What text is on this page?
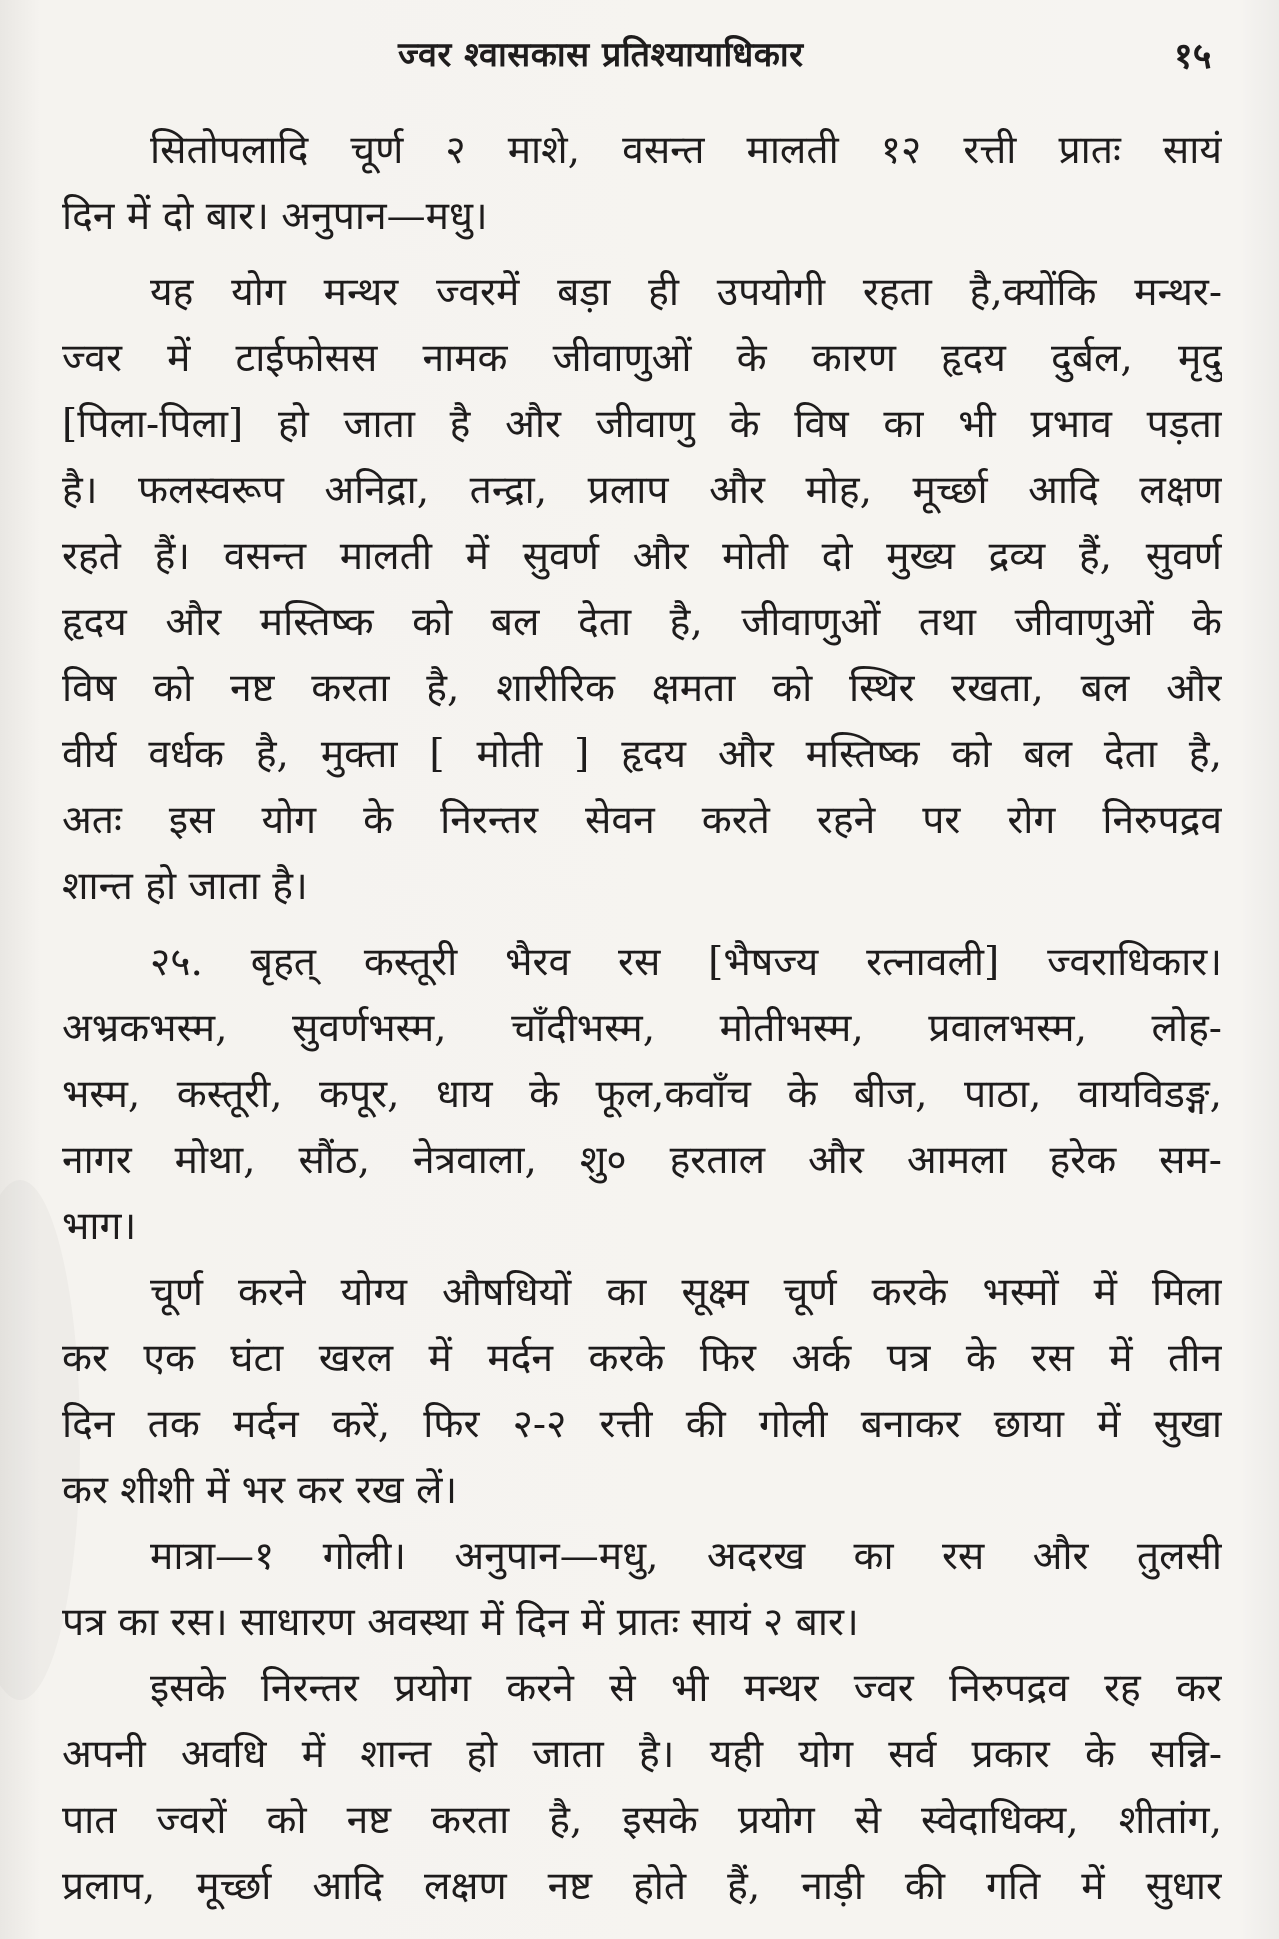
ज्वर श्वासकास प्रतिश्यायाधिकार	१५
सितोपलादि चूर्ण २ माशे, वसन्त मालती १२ रत्ती प्रातः सायं
दिन में दो बार। अनुपान—मधु।
यह योग मन्थर ज्वरमें बड़ा ही उपयोगी रहता है,क्योंकि मन्थर-
ज्वर में टाईफोसस नामक जीवाणुओं के कारण हृदय दुर्बल, मृदु
[पिला-पिला] हो जाता है और जीवाणु के विष का भी प्रभाव पड़ता
है। फलस्वरूप अनिद्रा, तन्द्रा, प्रलाप और मोह, मूर्च्छा आदि लक्षण
रहते हैं। वसन्त मालती में सुवर्ण और मोती दो मुख्य द्रव्य हैं, सुवर्ण
हृदय और मस्तिष्क को बल देता है, जीवाणुओं तथा जीवाणुओं के
विष को नष्ट करता है, शारीरिक क्षमता को स्थिर रखता, बल और
वीर्य वर्धक है, मुक्ता [ मोती ] हृदय और मस्तिष्क को बल देता है,
अतः इस योग के निरन्तर सेवन करते रहने पर रोग निरुपद्रव
शान्त हो जाता है।
२५. बृहत् कस्तूरी भैरव रस [भैषज्य रत्नावली] ज्वराधिकार।
अभ्रकभस्म, सुवर्णभस्म, चाँदीभस्म, मोतीभस्म, प्रवालभस्म, लोह-
भस्म, कस्तूरी, कपूर, धाय के फूल,कवाँच के बीज, पाठा, वायविडङ्ग,
नागर मोथा, सौंठ, नेत्रवाला, शु० हरताल और आमला हरेक सम-
भाग।
चूर्ण करने योग्य औषधियों का सूक्ष्म चूर्ण करके भस्मों में मिला
कर एक घंटा खरल में मर्दन करके फिर अर्क पत्र के रस में तीन
दिन तक मर्दन करें, फिर २-२ रत्ती की गोली बनाकर छाया में सुखा
कर शीशी में भर कर रख लें।
मात्रा—१ गोली। अनुपान—मधु, अदरख का रस और तुलसी
पत्र का रस। साधारण अवस्था में दिन में प्रातः सायं २ बार।
इसके निरन्तर प्रयोग करने से भी मन्थर ज्वर निरुपद्रव रह कर
अपनी अवधि में शान्त हो जाता है। यही योग सर्व प्रकार के सन्नि-
पात ज्वरों को नष्ट करता है, इसके प्रयोग से स्वेदाधिक्य, शीतांग,
प्रलाप, मूर्च्छा आदि लक्षण नष्ट होते हैं, नाड़ी की गति में सुधार
